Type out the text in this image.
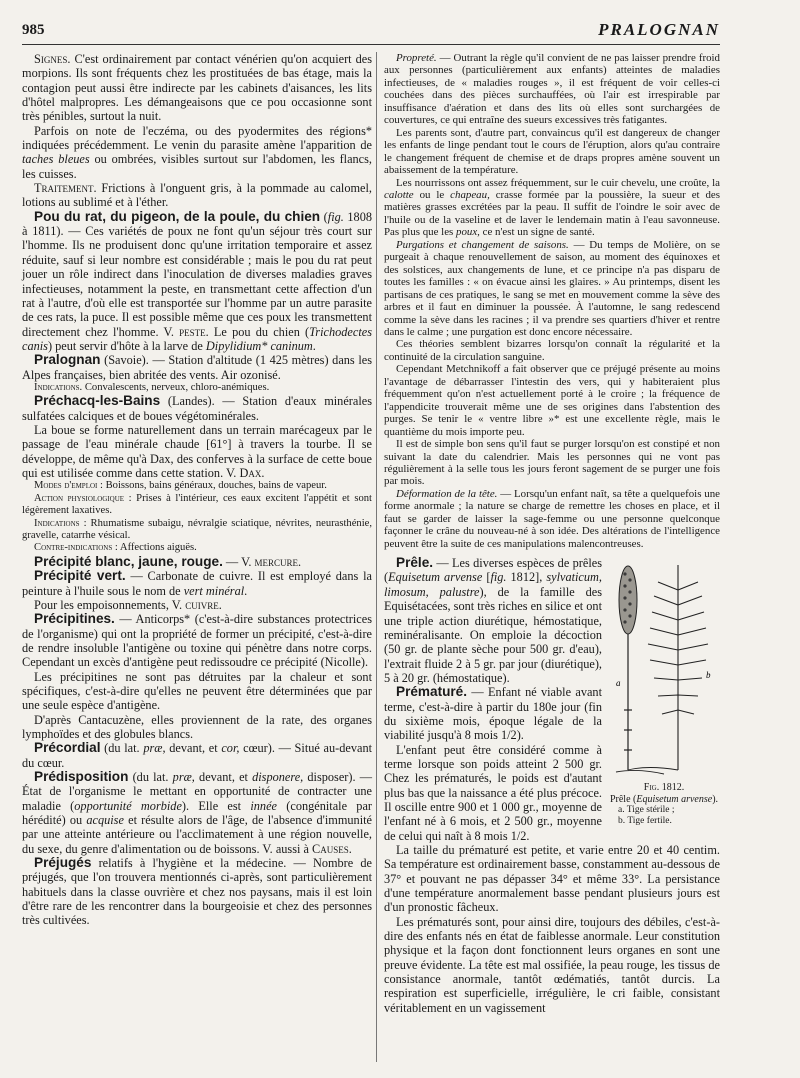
985	PRALOGNAN

Signes. C'est ordinairement par contact vénérien qu'on acquiert des morpions. Ils sont fréquents chez les prostituées de bas étage, mais la contagion peut aussi être indirecte par les cabinets d'aisances, les lits d'hôtel malpropres. Les démangeaisons que ce pou occasionne sont très pénibles, surtout la nuit.

Parfois on note de l'eczéma, ou des pyodermites des régions* indiquées précédemment. Le venin du parasite amène l'apparition de taches bleues ou ombrées, visibles surtout sur l'abdomen, les flancs, les cuisses.

Traitement. Frictions à l'onguent gris, à la pommade au calomel, lotions au sublimé et à l'éther.

Pou du rat, du pigeon, de la poule, du chien (fig. 1808 à 1811). — Ces variétés de poux ne font qu'un séjour très court sur l'homme. Ils ne produisent donc qu'une irritation temporaire et assez réduite, sauf si leur nombre est considérable ; mais le pou du rat peut jouer un rôle indirect dans l'inoculation de diverses maladies graves infectieuses, notamment la peste, en transmettant cette affection d'un rat à l'autre, d'où elle est transportée sur l'homme par un autre parasite de ces rats, la puce. Il est possible même que ces poux les transmettent directement chez l'homme. V. peste. Le pou du chien (Trichodectes canis) peut servir d'hôte à la larve de Dipylidium* caninum.

Pralognan (Savoie). — Station d'altitude (1 425 mètres) dans les Alpes françaises, bien abritée des vents. Air ozonisé.

Indications. Convalescents, nerveux, chloro-anémiques.

Préchacq-les-Bains (Landes). — Station d'eaux minérales sulfatées calciques et de boues végétominérales.

La boue se forme naturellement dans un terrain marécageux par le passage de l'eau minérale chaude [61°] à travers la tourbe. Il se développe, de même qu'à Dax, des conferves à la surface de cette boue qui est utilisée comme dans cette station. V. Dax.

Modes d'emploi : Boissons, bains généraux, douches, bains de vapeur.

Action physiologique : Prises à l'intérieur, ces eaux excitent l'appétit et sont légèrement laxatives.

Indications : Rhumatisme subaigu, névralgie sciatique, névrites, neurasthénie, gravelle, catarrhe vésical.

Contre-indications : Affections aiguës.

Précipité blanc, jaune, rouge. — V. mercure.

Précipité vert. — Carbonate de cuivre. Il est employé dans la peinture à l'huile sous le nom de vert minéral.

Pour les empoisonnements, V. cuivre.

Précipitines. — Anticorps* (c'est-à-dire substances protectrices de l'organisme) qui ont la propriété de former un précipité, c'est-à-dire de rendre insoluble l'antigène ou toxine qui pénètre dans notre corps. Cependant un excès d'antigène peut redissoudre ce précipité (Nicolle).

Les précipitines ne sont pas détruites par la chaleur et sont spécifiques, c'est-à-dire qu'elles ne peuvent être déterminées que par une seule espèce d'antigène.

D'après Cantacuzène, elles proviennent de la rate, des organes lymphoïdes et des globules blancs.

Précordial (du lat. præ, devant, et cor, cœur). — Situé au-devant du cœur.

Prédisposition (du lat. præ, devant, et disponere, disposer). — État de l'organisme le mettant en opportunité de contracter une maladie (opportunité morbide). Elle est innée (congénitale par hérédité) ou acquise et résulte alors de l'âge, de l'absence d'immunité par une atteinte antérieure ou l'acclimatement à une région nouvelle, du sexe, du genre d'alimentation ou de boissons. V. aussi à Causes.

Préjugés relatifs à l'hygiène et la médecine. — Nombre de préjugés, que l'on trouvera mentionnés ci-après, sont particulièrement habituels dans la classe ouvrière et chez nos paysans, mais il est loin d'être rare de les rencontrer dans la bourgeoisie et chez des personnes très cultivées.

Propreté. — Outrant la règle qu'il convient de ne pas laisser prendre froid aux personnes (particulièrement aux enfants) atteintes de maladies infectieuses, de « maladies rouges », il est fréquent de voir celles-ci couchées dans des pièces surchauffées, où l'air est irrespirable par insuffisance d'aération et dans des lits où elles sont surchargées de couvertures, ce qui entraîne des sueurs excessives très fatigantes.

Les parents sont, d'autre part, convaincus qu'il est dangereux de changer les enfants de linge pendant tout le cours de l'éruption, alors qu'au contraire le changement fréquent de chemise et de draps propres amène souvent un abaissement de la température.

Les nourrissons ont assez fréquemment, sur le cuir chevelu, une croûte, la calotte ou le chapeau, crasse formée par la poussière, la sueur et des matières grasses excrétées par la peau. Il suffit de l'oindre le soir avec de l'huile ou de la vaseline et de laver le lendemain matin à l'eau savonneuse. Pas plus que les poux, ce n'est un signe de santé.

Purgations et changement de saisons. — Du temps de Molière, on se purgeait à chaque renouvellement de saison, au moment des équinoxes et des solstices, aux changements de lune, et ce principe n'a pas disparu de toutes les familles : « on évacue ainsi les glaires. » Au printemps, disent les partisans de ces pratiques, le sang se met en mouvement comme la sève des arbres et il faut en diminuer la poussée. À l'automne, le sang redescend comme la sève dans les racines ; il va prendre ses quartiers d'hiver et rentre dans le calme ; une purgation est donc encore nécessaire.

Ces théories semblent bizarres lorsqu'on connaît la régularité et la continuité de la circulation sanguine.

Cependant Metchnikoff a fait observer que ce préjugé présente au moins l'avantage de débarrasser l'intestin des vers, qui y habiteraient plus fréquemment qu'on n'est actuellement porté à le croire ; la fréquence de l'appendicite trouverait même une de ses origines dans l'abstention des purges. Se tenir le « ventre libre »* est une excellente règle, mais le quantième du mois importe peu.

Il est de simple bon sens qu'il faut se purger lorsqu'on est constipé et non suivant la date du calendrier. Mais les personnes qui ne vont pas régulièrement à la selle tous les jours feront sagement de se purger une fois par mois.

Déformation de la tête. — Lorsqu'un enfant naît, sa tête a quelquefois une forme anormale ; la nature se charge de remettre les choses en place, et il faut se garder de laisser la sage-femme ou une personne quelconque façonner le crâne du nouveau-né à son idée. Des altérations de l'intelligence peuvent être la suite de ces manipulations malencontreuses.

a
b
Fig. 1812.
Prêle (Equisetum arvense).
a. Tige stérile ;
b. Tige fertile.

Prêle. — Les diverses espèces de prêles (Equisetum arvense [fig. 1812], sylvaticum, limosum, palustre), de la famille des Equisétacées, sont très riches en silice et ont une triple action diurétique, hémostatique, reminéralisante. On emploie la décoction (50 gr. de plante sèche pour 500 gr. d'eau), l'extrait fluide 2 à 5 gr. par jour (diurétique), 5 à 20 gr. (hémostatique).

Prématuré. — Enfant né viable avant terme, c'est-à-dire à partir du 180e jour (fin du sixième mois, époque légale de la viabilité jusqu'à 8 mois 1/2).

L'enfant peut être considéré comme à terme lorsque son poids atteint 2 500 gr. Chez les prématurés, le poids est d'autant plus bas que la naissance a été plus précoce. Il oscille entre 900 et 1 000 gr., moyenne de l'enfant né à 6 mois, et 2 500 gr., moyenne de celui qui naît à 8 mois 1/2.

La taille du prématuré est petite, et varie entre 20 et 40 centim. Sa température est ordinairement basse, constamment au-dessous de 37° et pouvant ne pas dépasser 34° et même 33°. La persistance d'une température anormalement basse pendant plusieurs jours est d'un pronostic fâcheux.

Les prématurés sont, pour ainsi dire, toujours des débiles, c'est-à-dire des enfants nés en état de faiblesse anormale. Leur constitution physique et la façon dont fonctionnent leurs organes en sont une preuve évidente. La tête est mal ossifiée, la peau rouge, les tissus de consistance anormale, tantôt œdématiés, tantôt durcis. La respiration est superficielle, irrégulière, le cri faible, consistant véritablement en un vagissement
